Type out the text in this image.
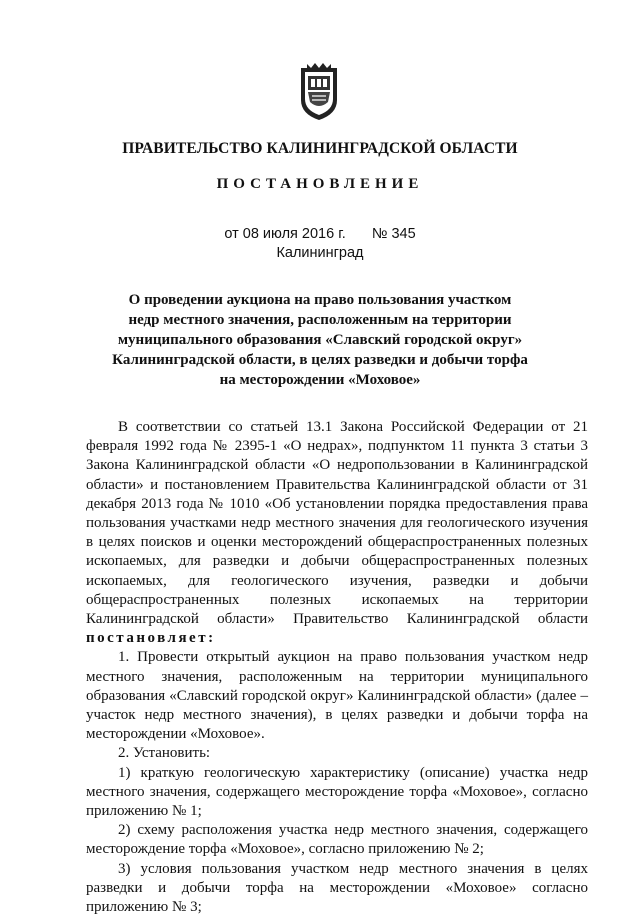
ПРАВИТЕЛЬСТВО КАЛИНИНГРАДСКОЙ ОБЛАСТИ
ПОСТАНОВЛЕНИЕ
от 08 июля 2016 г. № 345
Калининград
О проведении аукциона на право пользования участком
недр местного значения, расположенным на территории
муниципального образования «Славский городской округ»
Калининградской области, в целях разведки и добычи торфа
на месторождении «Моховое»

В соответствии со статьей 13.1 Закона Российской Федерации от 21 февраля 1992 года № 2395-1 «О недрах», подпунктом 11 пункта 3 статьи 3 Закона Калининградской области «О недропользовании в Калининградской области» и постановлением Правительства Калининградской области от 31 декабря 2013 года № 1010 «Об установлении порядка предоставления права пользования участками недр местного значения для геологического изучения в целях поисков и оценки месторождений общераспространенных полезных ископаемых, для разведки и добычи общераспространенных полезных ископаемых, для геологического изучения, разведки и добычи общераспространенных полезных ископаемых на территории Калининградской области» Правительство Калининградской области постановляет:

1. Провести открытый аукцион на право пользования участком недр местного значения, расположенным на территории муниципального образования «Славский городской округ» Калининградской области» (далее – участок недр местного значения), в целях разведки и добычи торфа на месторождении «Моховое».

2. Установить:

1) краткую геологическую характеристику (описание) участка недр местного значения, содержащего месторождение торфа «Моховое», согласно приложению № 1;

2) схему расположения участка недр местного значения, содержащего месторождение торфа «Моховое», согласно приложению № 2;

3) условия пользования участком недр местного значения в целях разведки и добычи торфа на месторождении «Моховое» согласно приложению № 3;
